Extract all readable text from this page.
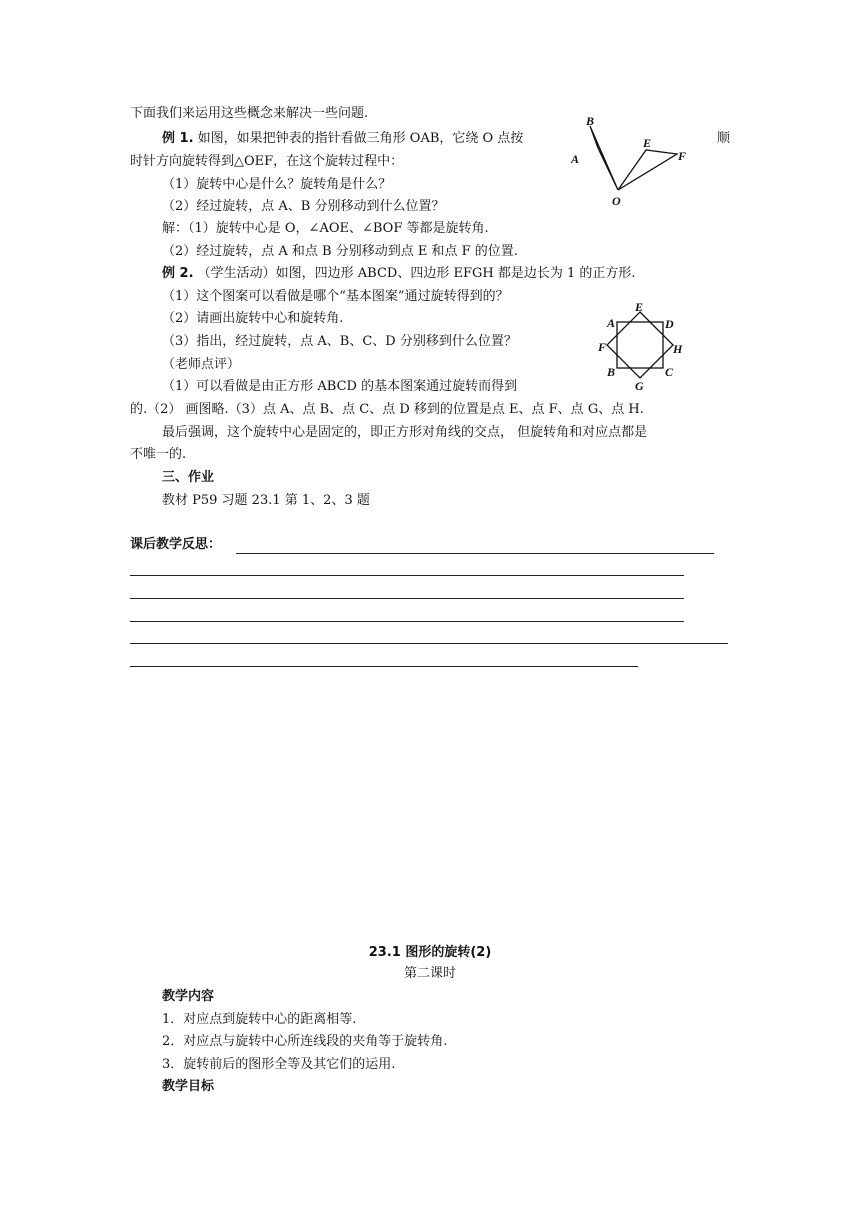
下面我们来运用这些概念来解决一些问题.
例 1. 如图，如果把钟表的指针看做三角形 OAB，它绕 O 点按	顺
时针方向旋转得到△OEF，在这个旋转过程中：
（1）旋转中心是什么？旋转角是什么？
（2）经过旋转，点 A、B 分别移动到什么位置？
解：（1）旋转中心是 O，∠AOE、∠BOF 等都是旋转角.
（2）经过旋转，点 A 和点 B 分别移动到点 E 和点 F 的位置.
例 2. （学生活动）如图，四边形 ABCD、四边形 EFGH 都是边长为 1 的正方形.
（1）这个图案可以看做是哪个“基本图案”通过旋转得到的？
（2）请画出旋转中心和旋转角.
（3）指出，经过旋转，点 A、B、C、D 分别移到什么位置？
（老师点评）
（1）可以看做是由正方形 ABCD 的基本图案通过旋转而得到
的.（2） 画图略.（3）点 A、点 B、点 C、点 D 移到的位置是点 E、点 F、点 G、点 H.
最后强调，这个旋转中心是固定的，即正方形对角线的交点， 但旋转角和对应点都是
不唯一的.
三、作业
教材 P59 习题 23.1 第 1、2、3 题
课后教学反思：
B
A
E
F
O
E
A	D
F	H
B	C
G
23.1 图形的旋转(2)
第二课时
教学内容
1．对应点到旋转中心的距离相等.
2．对应点与旋转中心所连线段的夹角等于旋转角.
3．旋转前后的图形全等及其它们的运用.
教学目标
